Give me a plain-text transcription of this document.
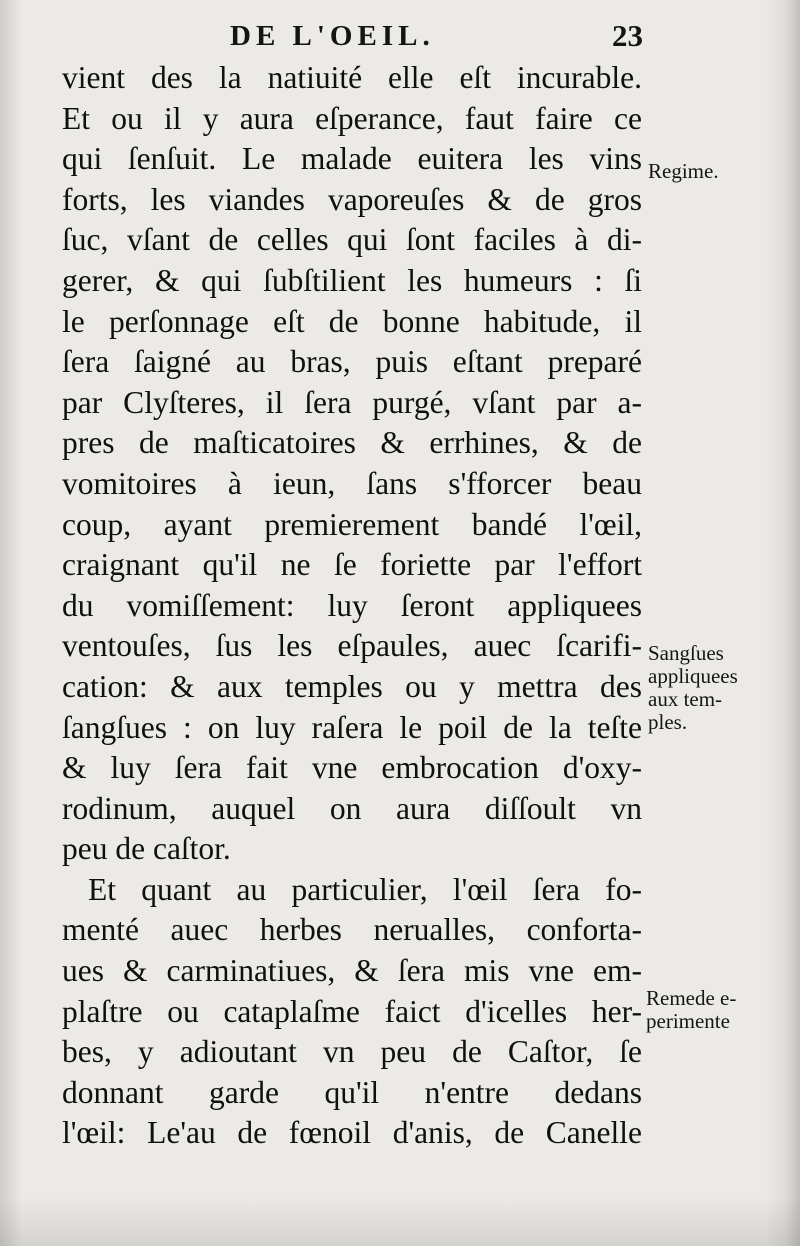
DE L'OEIL.	23
vient des la natiuité elle eſt incurable.
Et ou il y aura eſperance, faut faire ce
qui ſenſuit. Le malade euitera les vins
forts, les viandes vaporeuſes & de gros
ſuc, vſant de celles qui ſont faciles à di-
gerer, & qui ſubſtilient les humeurs : ſi
le perſonnage eſt de bonne habitude, il
ſera ſaigné au bras, puis eſtant preparé
par Clyſteres, il ſera purgé, vſant par a-
pres de maſticatoires & errhines, & de
vomitoires à ieun, ſans s'fforcer beau
coup, ayant premierement bandé l'œil,
craignant qu'il ne ſe foriette par l'effort
du vomiſſement: luy ſeront appliquees
ventouſes, ſus les eſpaules, auec ſcarifi-
cation: & aux temples ou y mettra des
ſangſues : on luy raſera le poil de la teſte
& luy ſera fait vne embrocation d'oxy-
rodinum, auquel on aura diſſoult vn
peu de caſtor.
Et quant au particulier, l'œil ſera fo-
menté auec herbes nerualles, conforta-
ues & carminatiues, & ſera mis vne em-
plaſtre ou cataplaſme faict d'icelles her-
bes, y adioutant vn peu de Caſtor, ſe
donnant garde qu'il n'entre dedans
l'œil: Le'au de fœnoil d'anis, de Canelle
Regime.
Sangſues
appliquees
aux tem-
ples.
Remede e-
perimente
